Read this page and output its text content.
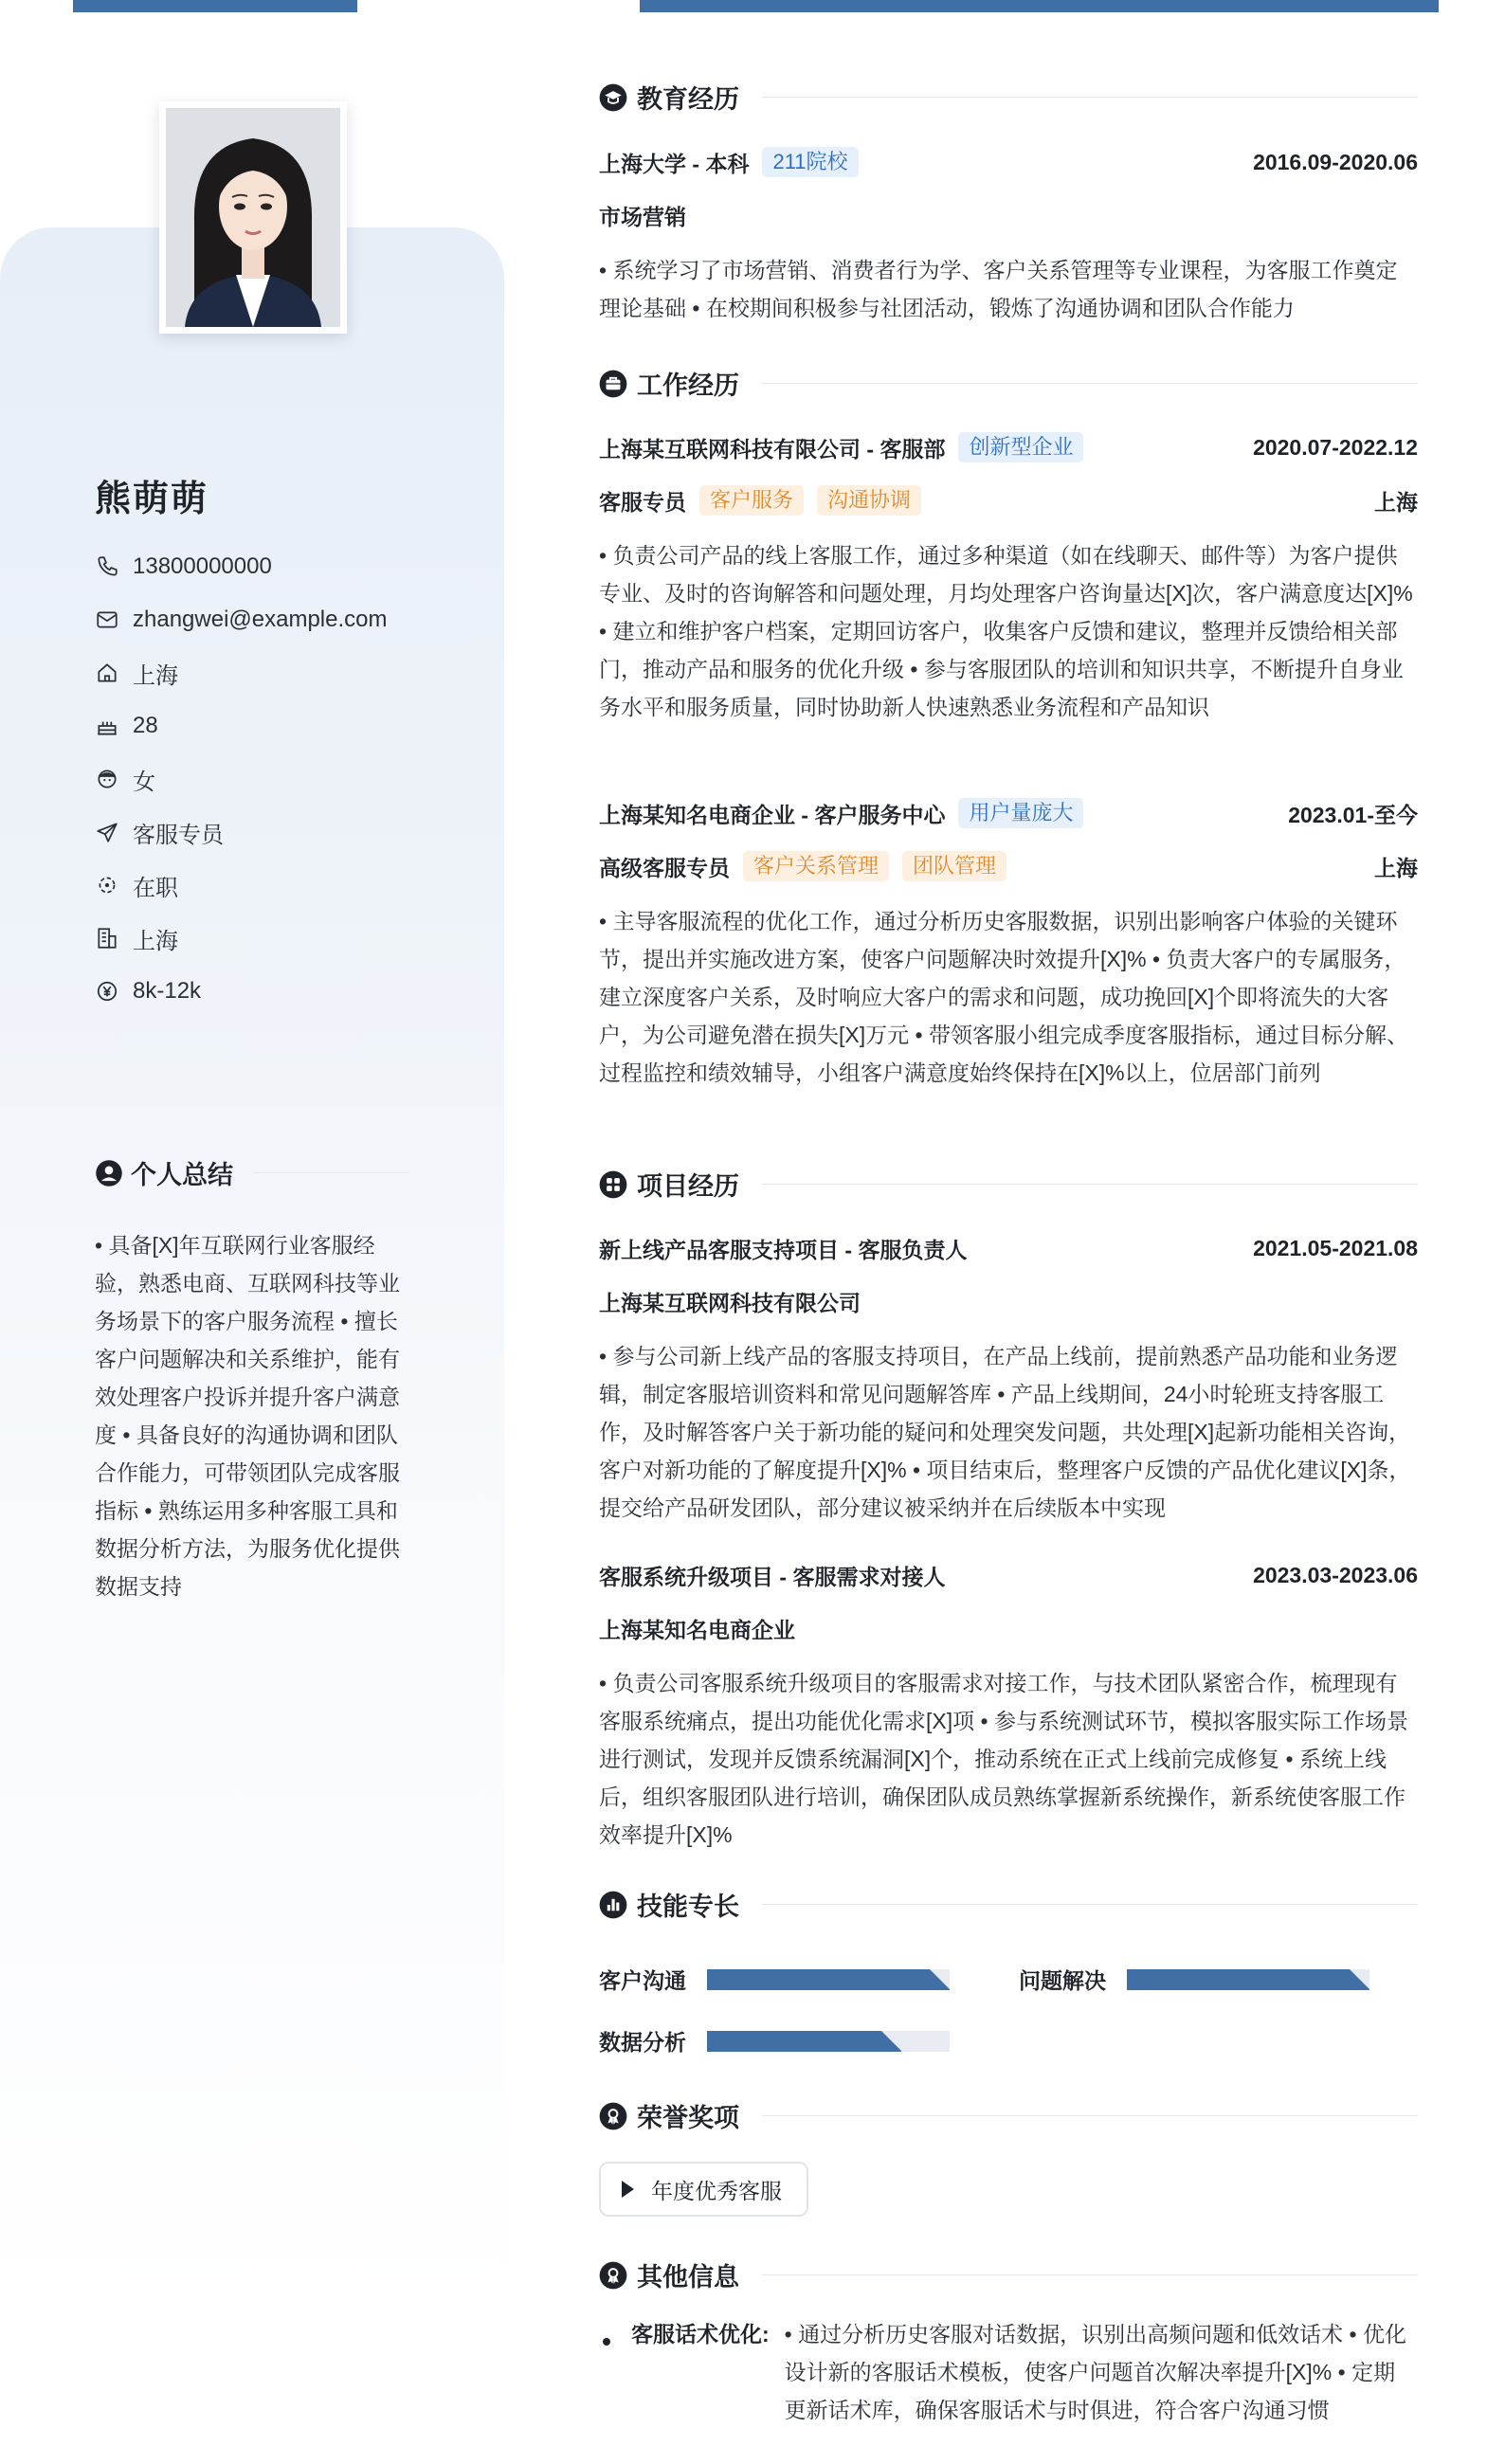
熊萌萌
13800000000
zhangwei@example.com
上海
28
女
客服专员
在职
上海
8k-12k
个人总结
• 具备[X]年互联网行业客服经验，熟悉电商、互联网科技等业务场景下的客户服务流程 • 擅长客户问题解决和关系维护，能有效处理客户投诉并提升客户满意度 • 具备良好的沟通协调和团队合作能力，可带领团队完成客服指标 • 熟练运用多种客服工具和数据分析方法，为服务优化提供数据支持
教育经历
上海大学 - 本科	211院校	2016.09-2020.06
市场营销
• 系统学习了市场营销、消费者行为学、客户关系管理等专业课程，为客服工作奠定理论基础 • 在校期间积极参与社团活动，锻炼了沟通协调和团队合作能力
工作经历
上海某互联网科技有限公司 - 客服部	创新型企业	2020.07-2022.12
客服专员	客户服务	沟通协调	上海
• 负责公司产品的线上客服工作，通过多种渠道（如在线聊天、邮件等）为客户提供专业、及时的咨询解答和问题处理，月均处理客户咨询量达[X]次，客户满意度达[X]% • 建立和维护客户档案，定期回访客户，收集客户反馈和建议，整理并反馈给相关部门，推动产品和服务的优化升级 • 参与客服团队的培训和知识共享，不断提升自身业务水平和服务质量，同时协助新人快速熟悉业务流程和产品知识
上海某知名电商企业 - 客户服务中心	用户量庞大	2023.01-至今
高级客服专员	客户关系管理	团队管理	上海
• 主导客服流程的优化工作，通过分析历史客服数据，识别出影响客户体验的关键环节，提出并实施改进方案，使客户问题解决时效提升[X]% • 负责大客户的专属服务，建立深度客户关系，及时响应大客户的需求和问题，成功挽回[X]个即将流失的大客户，为公司避免潜在损失[X]万元 • 带领客服小组完成季度客服指标，通过目标分解、过程监控和绩效辅导，小组客户满意度始终保持在[X]%以上，位居部门前列
项目经历
新上线产品客服支持项目 - 客服负责人	2021.05-2021.08
上海某互联网科技有限公司
• 参与公司新上线产品的客服支持项目，在产品上线前，提前熟悉产品功能和业务逻辑，制定客服培训资料和常见问题解答库 • 产品上线期间，24小时轮班支持客服工作，及时解答客户关于新功能的疑问和处理突发问题，共处理[X]起新功能相关咨询，客户对新功能的了解度提升[X]% • 项目结束后，整理客户反馈的产品优化建议[X]条，提交给产品研发团队，部分建议被采纳并在后续版本中实现
客服系统升级项目 - 客服需求对接人	2023.03-2023.06
上海某知名电商企业
• 负责公司客服系统升级项目的客服需求对接工作，与技术团队紧密合作，梳理现有客服系统痛点，提出功能优化需求[X]项 • 参与系统测试环节，模拟客服实际工作场景进行测试，发现并反馈系统漏洞[X]个，推动系统在正式上线前完成修复 • 系统上线后，组织客服团队进行培训，确保团队成员熟练掌握新系统操作，新系统使客服工作效率提升[X]%
技能专长
客户沟通	问题解决
数据分析
荣誉奖项
年度优秀客服
其他信息
客服话术优化: • 通过分析历史客服对话数据，识别出高频问题和低效话术 • 优化设计新的客服话术模板，使客户问题首次解决率提升[X]% • 定期更新话术库，确保客服话术与时俱进，符合客户沟通习惯
